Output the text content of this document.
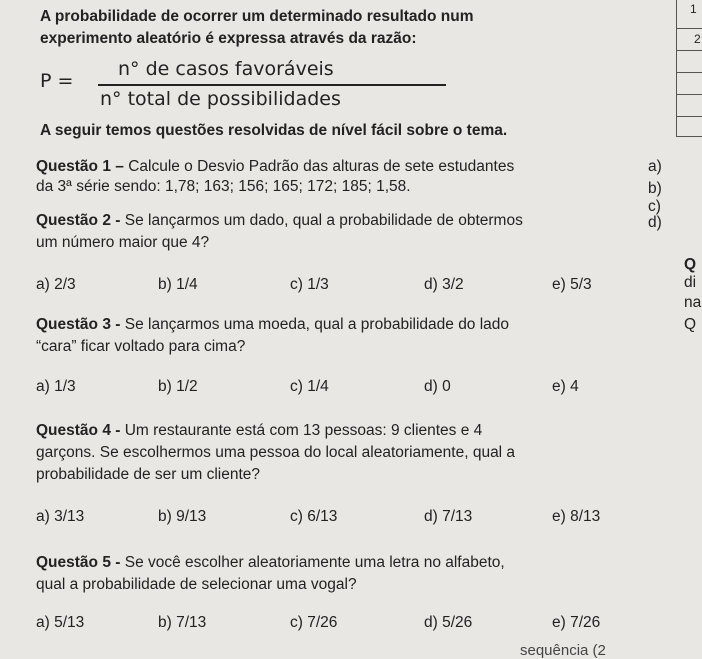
1
2
A probabilidade de ocorrer um determinado resultado num
experimento aleatório é expressa através da razão:
P =
n° de casos favoráveis
n° total de possibilidades
A seguir temos questões resolvidas de nível fácil sobre o tema.
Questão 1 – Calcule o Desvio Padrão das alturas de sete estudantes
da 3ª série sendo: 1,78; 163; 156; 165; 172; 185; 1,58.
a)
b)
c)
d)
Questão 2 - Se lançarmos um dado, qual a probabilidade de obtermos
um número maior que 4?
Q
di
na
a) 2/3	b) 1/4	c) 1/3	d) 3/2	e) 5/3
Questão 3 - Se lançarmos uma moeda, qual a probabilidade do lado
“cara” ficar voltado para cima?
Q
a) 1/3	b) 1/2	c) 1/4	d) 0	e) 4
Questão 4 - Um restaurante está com 13 pessoas: 9 clientes e 4
garçons. Se escolhermos uma pessoa do local aleatoriamente, qual a
probabilidade de ser um cliente?
a) 3/13	b) 9/13	c) 6/13	d) 7/13	e) 8/13
Questão 5 - Se você escolher aleatoriamente uma letra no alfabeto,
qual a probabilidade de selecionar uma vogal?
a) 5/13	b) 7/13	c) 7/26	d) 5/26	e) 7/26
sequência (2
